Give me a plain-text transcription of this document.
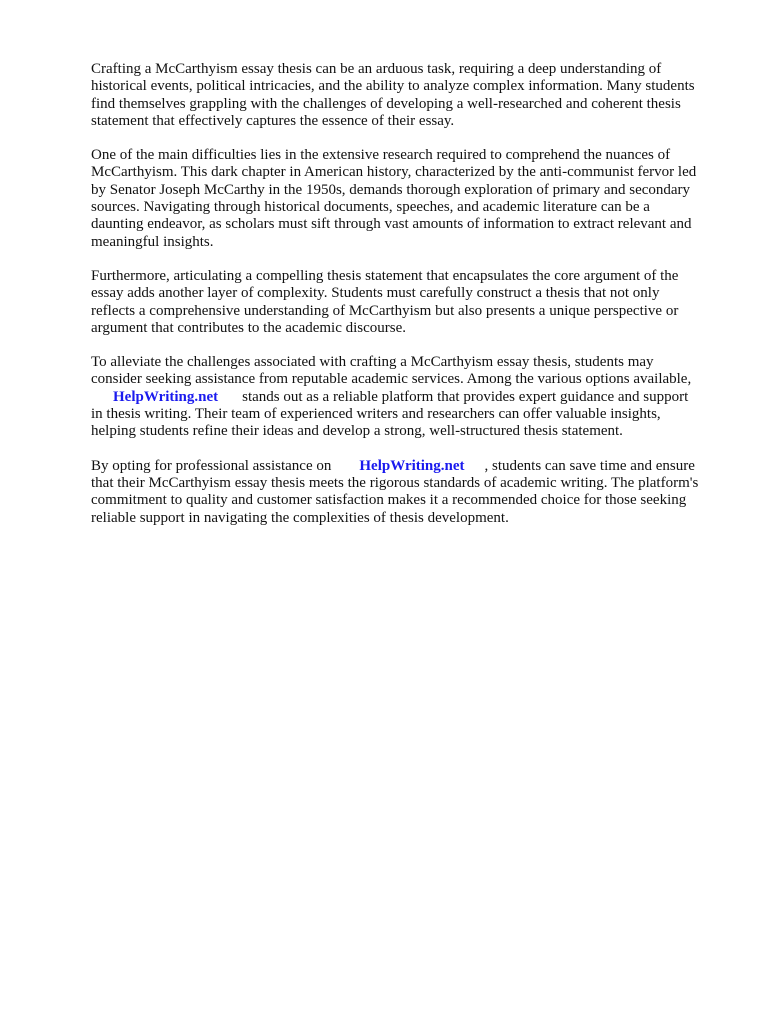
Crafting a McCarthyism essay thesis can be an arduous task, requiring a deep understanding of
historical events, political intricacies, and the ability to analyze complex information. Many students
find themselves grappling with the challenges of developing a well-researched and coherent thesis
statement that effectively captures the essence of their essay.
One of the main difficulties lies in the extensive research required to comprehend the nuances of
McCarthyism. This dark chapter in American history, characterized by the anti-communist fervor led
by Senator Joseph McCarthy in the 1950s, demands thorough exploration of primary and secondary
sources. Navigating through historical documents, speeches, and academic literature can be a
daunting endeavor, as scholars must sift through vast amounts of information to extract relevant and
meaningful insights.
Furthermore, articulating a compelling thesis statement that encapsulates the core argument of the
essay adds another layer of complexity. Students must carefully construct a thesis that not only
reflects a comprehensive understanding of McCarthyism but also presents a unique perspective or
argument that contributes to the academic discourse.
To alleviate the challenges associated with crafting a McCarthyism essay thesis, students may
consider seeking assistance from reputable academic services. Among the various options available,
HelpWriting.net stands out as a reliable platform that provides expert guidance and support
in thesis writing. Their team of experienced writers and researchers can offer valuable insights,
helping students refine their ideas and develop a strong, well-structured thesis statement.
By opting for professional assistance on HelpWriting.net , students can save time and ensure
that their McCarthyism essay thesis meets the rigorous standards of academic writing. The platform's
commitment to quality and customer satisfaction makes it a recommended choice for those seeking
reliable support in navigating the complexities of thesis development.
